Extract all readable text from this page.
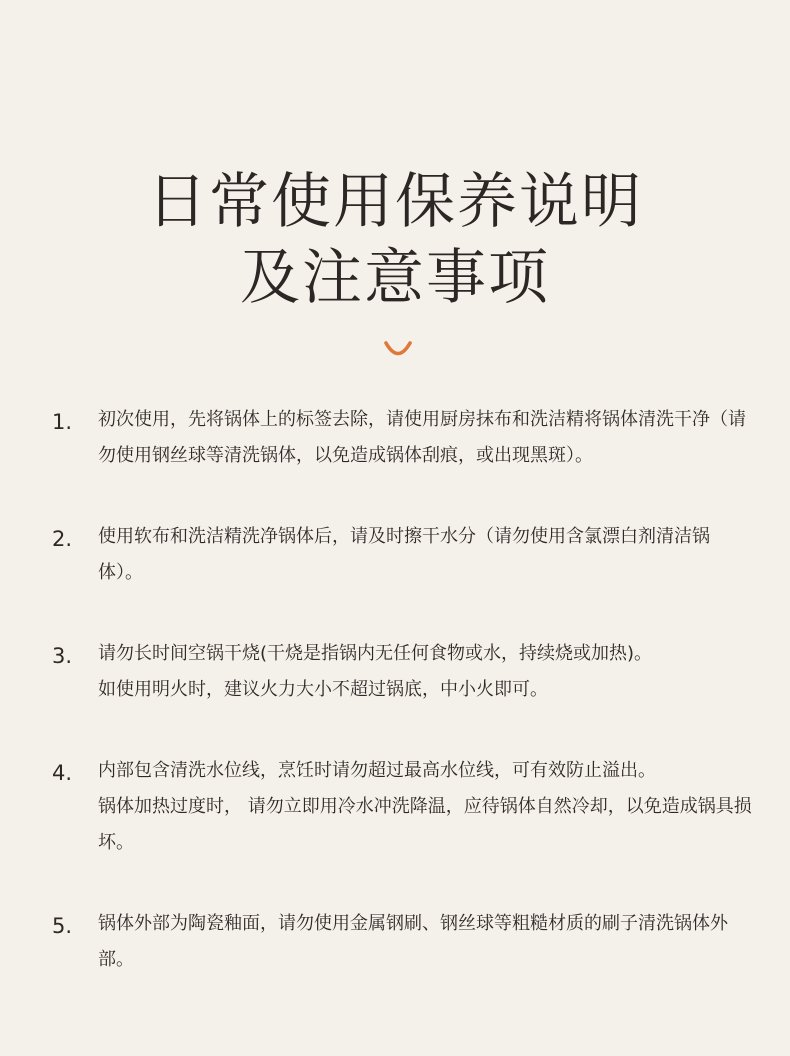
日常使用保养说明
及注意事项
1. 初次使用，先将锅体上的标签去除，请使用厨房抹布和洗洁精将锅体清洗干净（请勿使用钢丝球等清洗锅体，以免造成锅体刮痕，或出现黑斑）。
2. 使用软布和洗洁精洗净锅体后，请及时擦干水分（请勿使用含氯漂白剂清洁锅体）。
3. 请勿长时间空锅干烧(干烧是指锅内无任何食物或水，持续烧或加热)。
如使用明火时，建议火力大小不超过锅底，中小火即可。
4. 内部包含清洗水位线，烹饪时请勿超过最高水位线，可有效防止溢出。
锅体加热过度时， 请勿立即用冷水冲洗降温，应待锅体自然冷却，以免造成锅具损坏。
5. 锅体外部为陶瓷釉面，请勿使用金属钢刷、钢丝球等粗糙材质的刷子清洗锅体外部。
